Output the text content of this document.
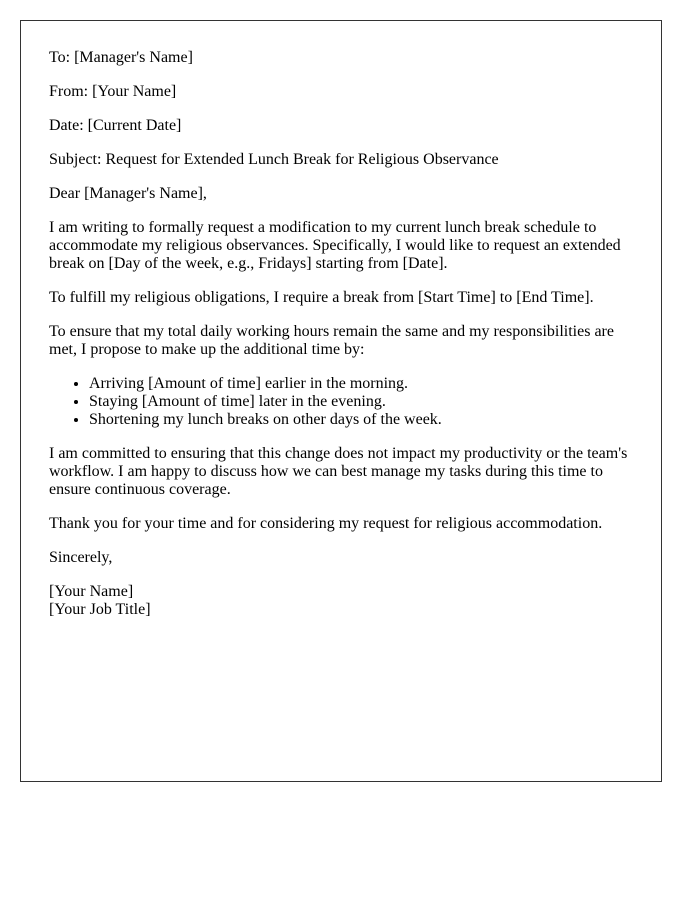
To: [Manager's Name]

From: [Your Name]

Date: [Current Date]

Subject: Request for Extended Lunch Break for Religious Observance

Dear [Manager's Name],

I am writing to formally request a modification to my current lunch break schedule to accommodate my religious observances. Specifically, I would like to request an extended break on [Day of the week, e.g., Fridays] starting from [Date].

To fulfill my religious obligations, I require a break from [Start Time] to [End Time].

To ensure that my total daily working hours remain the same and my responsibilities are met, I propose to make up the additional time by:

• Arriving [Amount of time] earlier in the morning.
• Staying [Amount of time] later in the evening.
• Shortening my lunch breaks on other days of the week.

I am committed to ensuring that this change does not impact my productivity or the team's workflow. I am happy to discuss how we can best manage my tasks during this time to ensure continuous coverage.

Thank you for your time and for considering my request for religious accommodation.

Sincerely,

[Your Name]
[Your Job Title]
